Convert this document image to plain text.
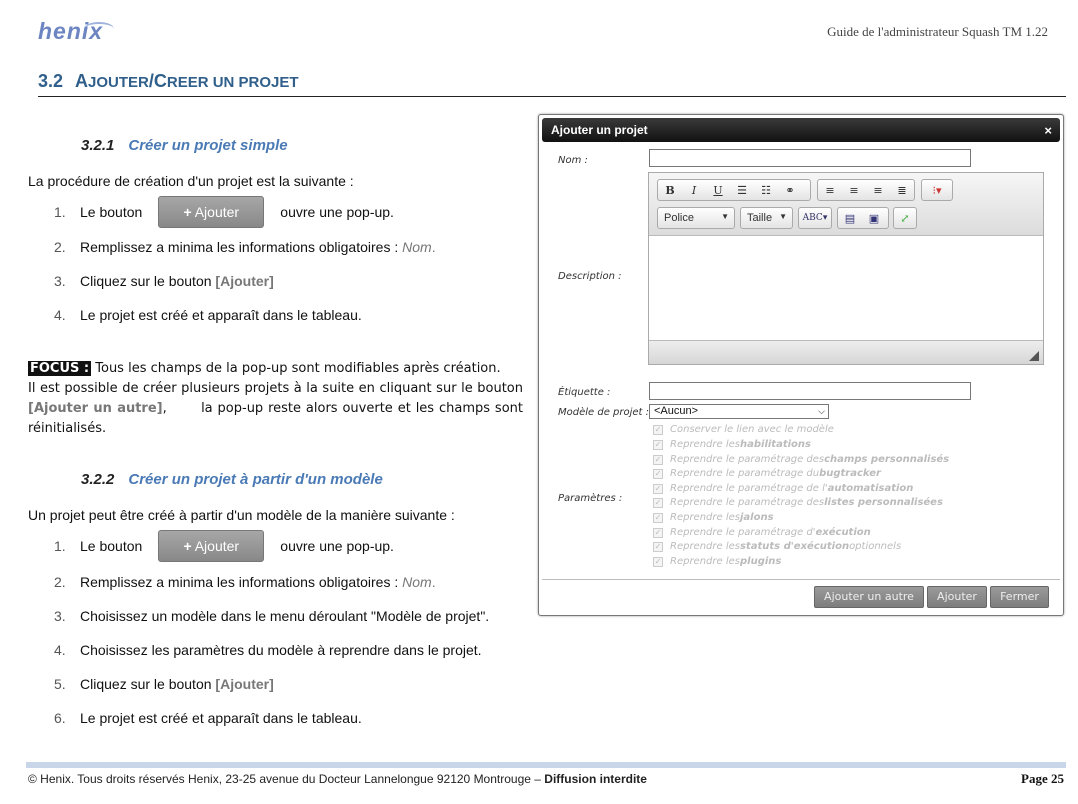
henix	Guide de l'administrateur Squash TM 1.22
3.2 AJOUTER/CREER UN PROJET
3.2.1 Créer un projet simple
La procédure de création d'un projet est la suivante :
1.	Le bouton	+ Ajouter	ouvre une pop-up.
2.	Remplissez a minima les informations obligatoires :
Nom .
3.	Cliquez sur le bouton
[Ajouter]
4.	Le projet est créé et apparaît dans le tableau.
FOCUS : Tous les champs de la pop-up sont modifiables après création.
Il est possible de créer plusieurs projets à la suite en cliquant sur le bouton
[Ajouter un autre],       la pop-up reste alors ouverte et les champs sont
réinitialisés.
3.2.2 Créer un projet à partir d'un modèle
Un projet peut être créé à partir d'un modèle de la manière suivante :
1.	Le bouton	+ Ajouter	ouvre une pop-up.
2.	Remplissez a minima les informations obligatoires :
Nom .
3.	Choisissez un modèle dans le menu déroulant "Modèle de projet".
4.	Choisissez les paramètres du modèle à reprendre dans le projet.
5.	Cliquez sur le bouton
[Ajouter]
6.	Le projet est créé et apparaît dans le tableau.
Ajouter un projet	×
Nom :
Description :
B	I	U	☰	☷	⚭	≡	≡	≡	≣	⁝▾
Police	▼	Taille ▼	ABC▾	▤	▣	⤢
Étiquette :
Modèle de projet : <Aucun>	⌵
Paramètres :
✓ Conserver le lien avec le modèle
✓ Reprendre les habilitations
✓ Reprendre le paramétrage des champs personnalisés
✓ Reprendre le paramétrage du bugtracker
✓ Reprendre le paramétrage de l' automatisation
✓ Reprendre le paramétrage des listes personnalisées
✓ Reprendre les jalons
✓ Reprendre le paramétrage d' exécution
✓ Reprendre les statuts d'exécution optionnels
✓ Reprendre les plugins
Ajouter un autre	Ajouter	Fermer
© Henix. Tous droits réservés Henix, 23-25 avenue du Docteur Lannelongue 92120 Montrouge – Diffusion interdite	Page 25
